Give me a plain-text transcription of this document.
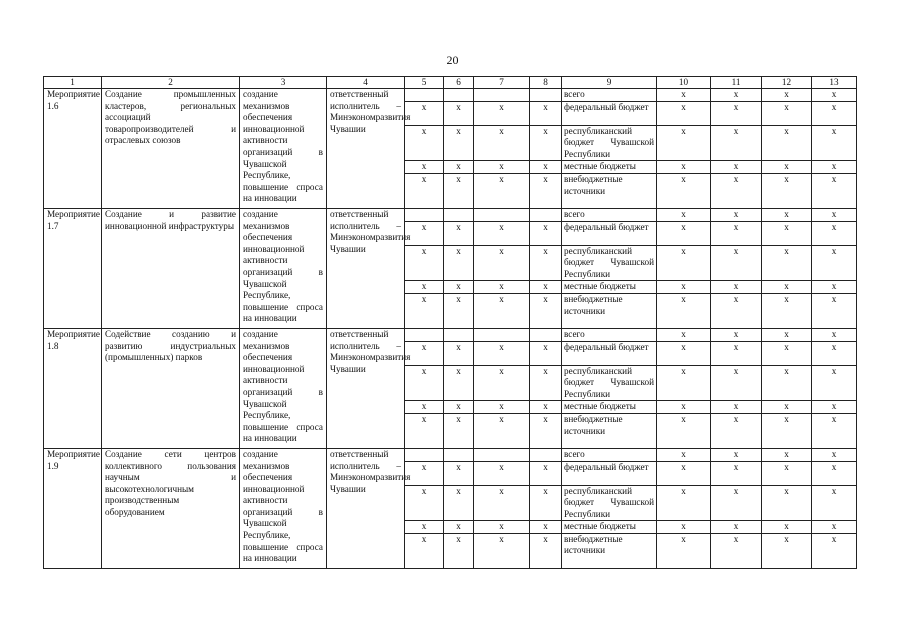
20
1	2	3	4	5	6	7	8	9	10	11	12	13
Мероприятие 1.6	Создание промышленных кластеров, региональных ассоциаций товаропроизводителей и отраслевых союзов	создание механизмов обеспечения инновационной активности организаций в Чувашской Республике, повышение спроса на инновации	ответственный исполнитель – Минэкономразвития Чувашии					всего	x	x	x	x
				x	x	x	x	федеральный бюджет	x	x	x	x
				x	x	x	x	республиканский бюджет Чувашской Республики	x	x	x	x
				x	x	x	x	местные бюджеты	x	x	x	x
				x	x	x	x	внебюджетные источники	x	x	x	x
Мероприятие 1.7	Создание и развитие инновационной инфраструктуры	создание механизмов обеспечения инновационной активности организаций в Чувашской Республике, повышение спроса на инновации	ответственный исполнитель – Минэкономразвития Чувашии					всего	x	x	x	x
				x	x	x	x	федеральный бюджет	x	x	x	x
				x	x	x	x	республиканский бюджет Чувашской Республики	x	x	x	x
				x	x	x	x	местные бюджеты	x	x	x	x
				x	x	x	x	внебюджетные источники	x	x	x	x
Мероприятие 1.8	Содействие созданию и развитию индустриальных (промышленных) парков	создание механизмов обеспечения инновационной активности организаций в Чувашской Республике, повышение спроса на инновации	ответственный исполнитель – Минэкономразвития Чувашии					всего	x	x	x	x
				x	x	x	x	федеральный бюджет	x	x	x	x
				x	x	x	x	республиканский бюджет Чувашской Республики	x	x	x	x
				x	x	x	x	местные бюджеты	x	x	x	x
				x	x	x	x	внебюджетные источники	x	x	x	x
Мероприятие 1.9	Создание сети центров коллективного пользования научным и высокотехнологичным производственным оборудованием	создание механизмов обеспечения инновационной активности организаций в Чувашской Республике, повышение спроса на инновации	ответственный исполнитель – Минэкономразвития Чувашии					всего	x	x	x	x
				x	x	x	x	федеральный бюджет	x	x	x	x
				x	x	x	x	республиканский бюджет Чувашской Республики	x	x	x	x
				x	x	x	x	местные бюджеты	x	x	x	x
				x	x	x	x	внебюджетные источники	x	x	x	x
